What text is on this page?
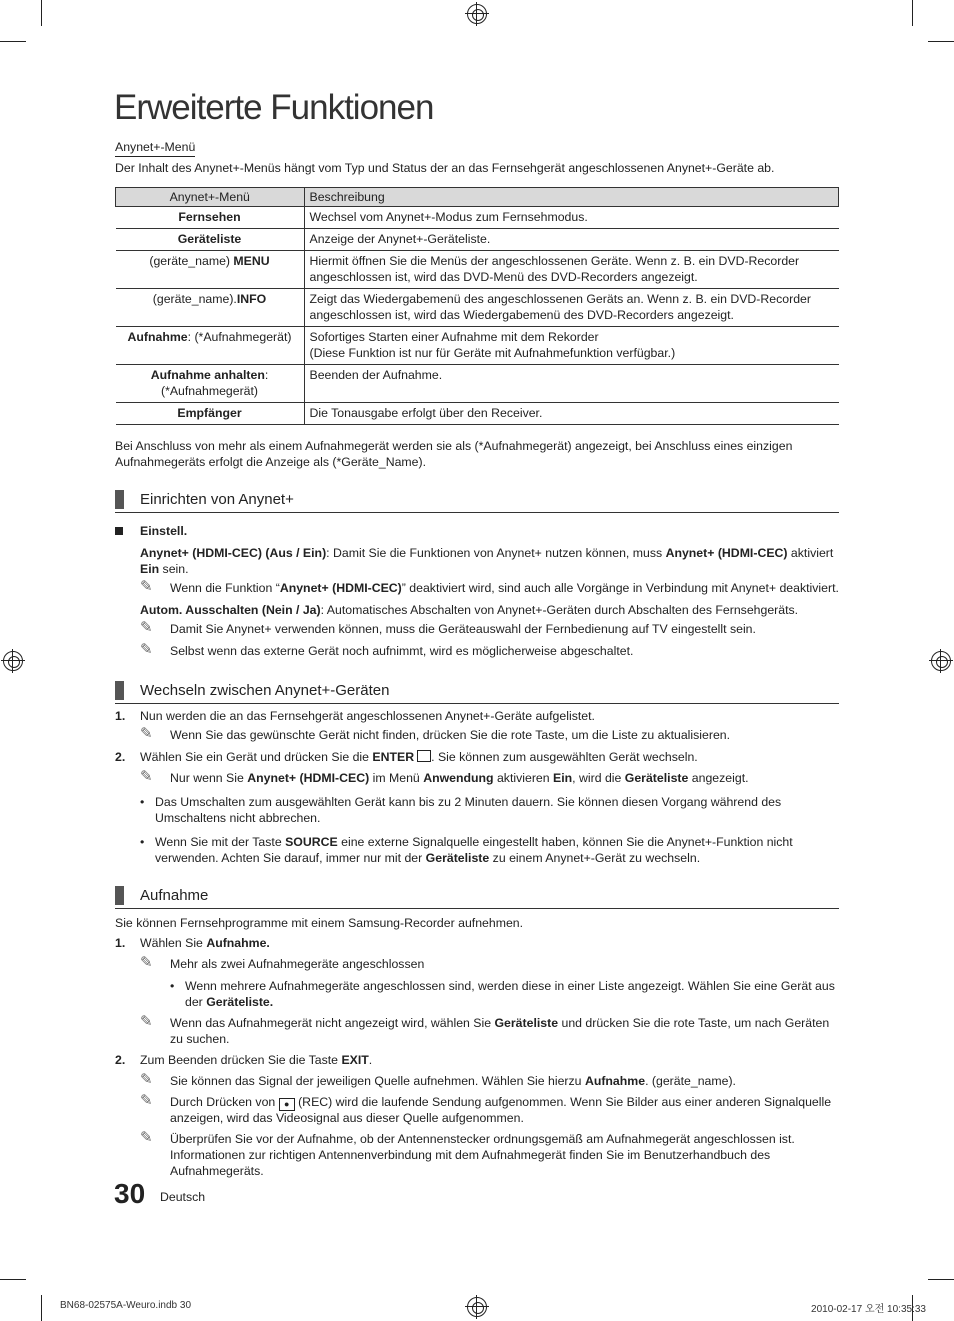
Erweiterte Funktionen
Anynet+-Menü

Der Inhalt des Anynet+-Menüs hängt vom Typ und Status der an das Fernsehgerät angeschlossenen Anynet+-Geräte ab.

Anynet+-Menü	Beschreibung
Fernsehen	Wechsel vom Anynet+-Modus zum Fernsehmodus.
Geräteliste	Anzeige der Anynet+-Geräteliste.
(geräte_name) MENU	Hiermit öffnen Sie die Menüs der angeschlossenen Geräte. Wenn z. B. ein DVD-Recorder angeschlossen ist, wird das DVD-Menü des DVD-Recorders angezeigt.
(geräte_name).INFO	Zeigt das Wiedergabemenü des angeschlossenen Geräts an. Wenn z. B. ein DVD-Recorder angeschlossen ist, wird das Wiedergabemenü des DVD-Recorders angezeigt.
Aufnahme: (*Aufnahmegerät)	Sofortiges Starten einer Aufnahme mit dem Rekorder
(Diese Funktion ist nur für Geräte mit Aufnahmefunktion verfügbar.)
Aufnahme anhalten:
(*Aufnahmegerät)	Beenden der Aufnahme.
Empfänger	Die Tonausgabe erfolgt über den Receiver.

Bei Anschluss von mehr als einem Aufnahmegerät werden sie als (*Aufnahmegerät) angezeigt, bei Anschluss eines einzigen Aufnahmegeräts erfolgt die Anzeige als (*Geräte_Name).

Einrichten von Anynet+
Einstell.
Anynet+ (HDMI-CEC) (Aus / Ein): Damit Sie die Funktionen von Anynet+ nutzen können, muss Anynet+ (HDMI-CEC) aktiviert Ein sein.
✎ Wenn die Funktion “Anynet+ (HDMI-CEC)” deaktiviert wird, sind auch alle Vorgänge in Verbindung mit Anynet+ deaktiviert.
Autom. Ausschalten (Nein / Ja): Automatisches Abschalten von Anynet+-Geräten durch Abschalten des Fernsehgeräts.
✎ Damit Sie Anynet+ verwenden können, muss die Geräteauswahl der Fernbedienung auf TV eingestellt sein.
✎ Selbst wenn das externe Gerät noch aufnimmt, wird es möglicherweise abgeschaltet.
Wechseln zwischen Anynet+-Geräten
1. Nun werden die an das Fernsehgerät angeschlossenen Anynet+-Geräte aufgelistet.
✎ Wenn Sie das gewünschte Gerät nicht finden, drücken Sie die rote Taste, um die Liste zu aktualisieren.
2. Wählen Sie ein Gerät und drücken Sie die ENTER . Sie können zum ausgewählten Gerät wechseln.
✎ Nur wenn Sie Anynet+ (HDMI-CEC) im Menü Anwendung aktivieren Ein, wird die Geräteliste angezeigt.
• Das Umschalten zum ausgewählten Gerät kann bis zu 2 Minuten dauern. Sie können diesen Vorgang während des Umschaltens nicht abbrechen.
• Wenn Sie mit der Taste SOURCE eine externe Signalquelle eingestellt haben, können Sie die Anynet+-Funktion nicht verwenden. Achten Sie darauf, immer nur mit der Geräteliste zu einem Anynet+-Gerät zu wechseln.
Aufnahme

Sie können Fernsehprogramme mit einem Samsung-Recorder aufnehmen.

1. Wählen Sie Aufnahme.
✎ Mehr als zwei Aufnahmegeräte angeschlossen
• Wenn mehrere Aufnahmegeräte angeschlossen sind, werden diese in einer Liste angezeigt. Wählen Sie eine Gerät aus der Geräteliste.
✎ Wenn das Aufnahmegerät nicht angezeigt wird, wählen Sie Geräteliste und drücken Sie die rote Taste, um nach Geräten zu suchen.
2. Zum Beenden drücken Sie die Taste EXIT.
✎ Sie können das Signal der jeweiligen Quelle aufnehmen. Wählen Sie hierzu Aufnahme. (geräte_name).
✎ Durch Drücken von ● (REC) wird die laufende Sendung aufgenommen. Wenn Sie Bilder aus einer anderen Signalquelle anzeigen, wird das Videosignal aus dieser Quelle aufgenommen.
✎ Überprüfen Sie vor der Aufnahme, ob der Antennenstecker ordnungsgemäß am Aufnahmegerät angeschlossen ist. Informationen zur richtigen Antennenverbindung mit dem Aufnahmegerät finden Sie im Benutzerhandbuch des Aufnahmegeräts.
30 Deutsch
BN68-02575A-Weuro.indb 30	2010-02-17 오전 10:35:33
